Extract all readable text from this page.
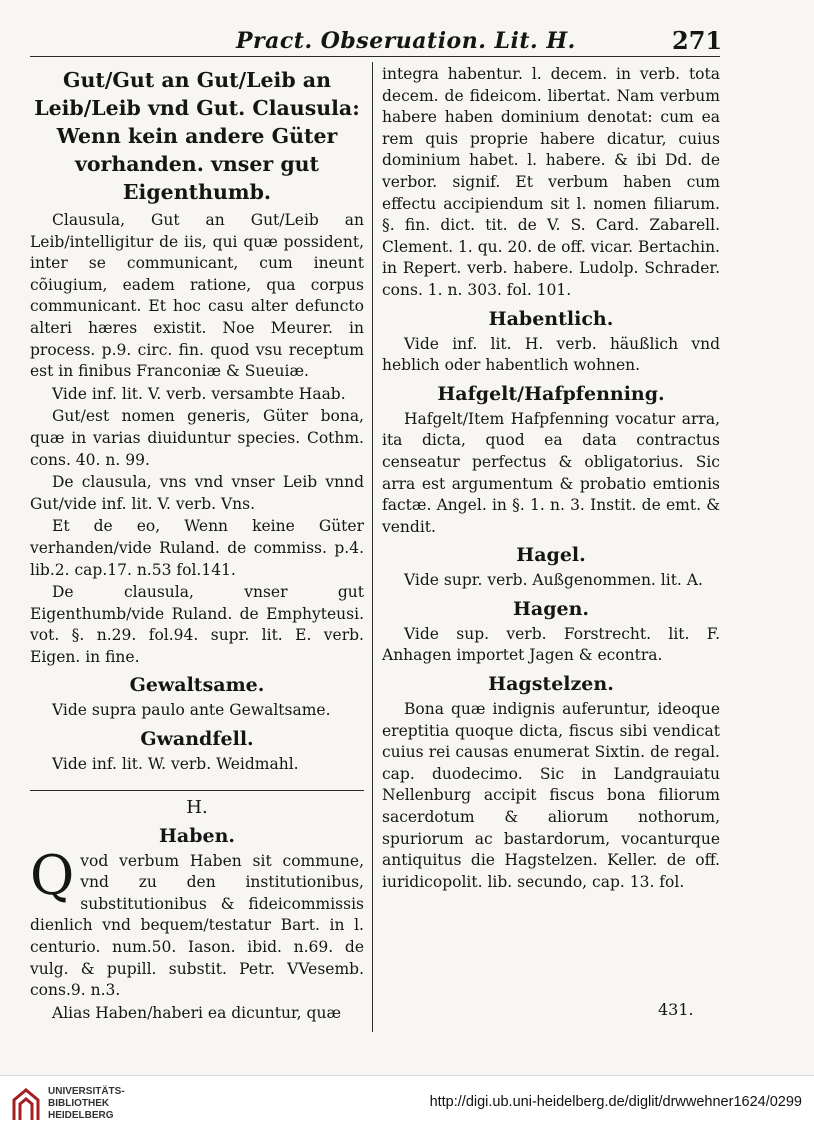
Pract. Obseruation. Lit. H.	271
Gut/Gut an Gut/Leib an Leib/Leib vnd Gut. Clausula: Wenn kein andere Güter vorhanden. vnser gut Eigenthumb.

Clausula, Gut an Gut/Leib an Leib/intelligitur de iis, qui quæ possident, inter se communicant, cum ineunt cõiugium, eadem ratione, qua corpus communicant. Et hoc casu alter defuncto alteri hæres existit. Noe Meurer. in process. p.9. circ. fin. quod vsu receptum est in finibus Franconiæ & Sueuiæ.

Vide inf. lit. V. verb. versambte Haab.

Gut/est nomen generis, Güter bona, quæ in varias diuiduntur species. Cothm. cons. 40. n. 99.

De clausula, vns vnd vnser Leib vnnd Gut/vide inf. lit. V. verb. Vns.

Et de eo, Wenn keine Güter verhanden/vide Ruland. de commiss. p.4. lib.2. cap.17. n.53 fol.141.

De clausula, vnser gut Eigenthumb/vide Ruland. de Emphyteusi. vot. §. n.29. fol.94. supr. lit. E. verb. Eigen. in fine.

Gewaltsame.

Vide supra paulo ante Gewaltsame.

Gwandfell.

Vide inf. lit. W. verb. Weidmahl.

H.
Haben.
Q vod verbum Haben sit commune, vnd zu den institutionibus, substitutionibus & fideicommissis dienlich vnd bequem/testatur Bart. in l. centurio. num.50. Iason. ibid. n.69. de vulg. & pupill. substit. Petr. VVesemb. cons.9. n.3.

Alias Haben/haberi ea dicuntur, quæ

integra habentur. l. decem. in verb. tota decem. de fideicom. libertat. Nam verbum habere haben dominium denotat: cum ea rem quis proprie habere dicatur, cuius dominium habet. l. habere. & ibi Dd. de verbor. signif. Et verbum haben cum effectu accipiendum sit l. nomen filiarum. §. fin. dict. tit. de V. S. Card. Zabarell. Clement. 1. qu. 20. de off. vicar. Bertachin. in Repert. verb. habere. Ludolp. Schrader. cons. 1. n. 303. fol. 101.

Habentlich.

Vide inf. lit. H. verb. häußlich vnd heblich oder habentlich wohnen.

Hafgelt/Hafpfenning.

Hafgelt/Item Hafpfenning vocatur arra, ita dicta, quod ea data contractus censeatur perfectus & obligatorius. Sic arra est argumentum & probatio emtionis factæ. Angel. in §. 1. n. 3. Instit. de emt. & vendit.

Hagel.

Vide supr. verb. Außgenommen. lit. A.

Hagen.

Vide sup. verb. Forstrecht. lit. F. Anhagen importet Jagen & econtra.

Hagstelzen.

Bona quæ indignis auferuntur, ideoque ereptitia quoque dicta, fiscus sibi vendicat cuius rei causas enumerat Sixtin. de regal. cap. duodecimo. Sic in Landgrauiatu Nellenburg accipit fiscus bona filiorum sacerdotum & aliorum nothorum, spuriorum ac bastardorum, vocanturque antiquitus die Hagstelzen. Keller. de off. iuridicopolit. lib. secundo, cap. 13. fol.

431.
UNIVERSITÄTS-
BIBLIOTHEK
HEIDELBERG
http://digi.ub.uni-heidelberg.de/diglit/drwwehner1624/0299
